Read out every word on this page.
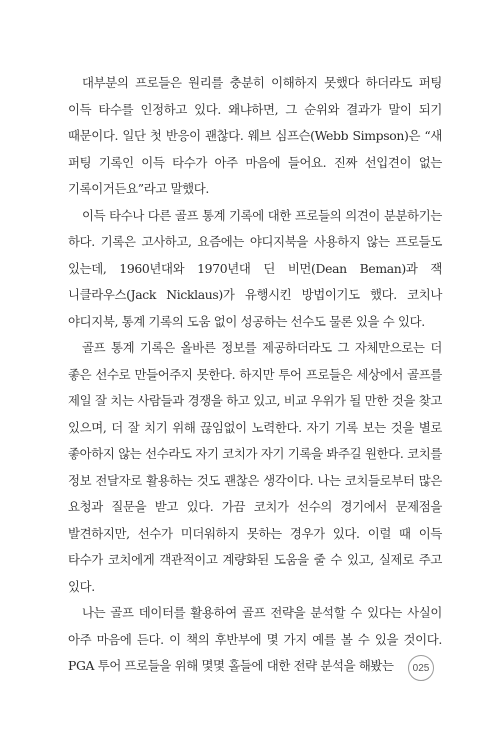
대부분의 프로들은 원리를 충분히 이해하지 못했다 하더라도 퍼팅 이득 타수를 인정하고 있다. 왜냐하면, 그 순위와 결과가 말이 되기 때문이다. 일단 첫 반응이 괜찮다. 웨브 심프슨(Webb Simpson)은 “새 퍼팅 기록인 이득 타수가 아주 마음에 들어요. 진짜 선입견이 없는 기록이거든요”라고 말했다.

이득 타수나 다른 골프 통계 기록에 대한 프로들의 의견이 분분하기는 하다. 기록은 고사하고, 요즘에는 야디지북을 사용하지 않는 프로들도 있는데, 1960년대와 1970년대 딘 비먼(Dean Beman)과 잭 니클라우스(Jack Nicklaus)가 유행시킨 방법이기도 했다. 코치나 야디지북, 통계 기록의 도움 없이 성공하는 선수도 물론 있을 수 있다.

골프 통계 기록은 올바른 정보를 제공하더라도 그 자체만으로는 더 좋은 선수로 만들어주지 못한다. 하지만 투어 프로들은 세상에서 골프를 제일 잘 치는 사람들과 경쟁을 하고 있고, 비교 우위가 될 만한 것을 찾고 있으며, 더 잘 치기 위해 끊임없이 노력한다. 자기 기록 보는 것을 별로 좋아하지 않는 선수라도 자기 코치가 자기 기록을 봐주길 원한다. 코치를 정보 전달자로 활용하는 것도 괜찮은 생각이다. 나는 코치들로부터 많은 요청과 질문을 받고 있다. 가끔 코치가 선수의 경기에서 문제점을 발견하지만, 선수가 미더워하지 못하는 경우가 있다. 이럴 때 이득 타수가 코치에게 객관적이고 계량화된 도움을 줄 수 있고, 실제로 주고 있다.

나는 골프 데이터를 활용하여 골프 전략을 분석할 수 있다는 사실이 아주 마음에 든다. 이 책의 후반부에 몇 가지 예를 볼 수 있을 것이다. PGA 투어 프로들을 위해 몇몇 홀들에 대한 전략 분석을 해봤는	025
